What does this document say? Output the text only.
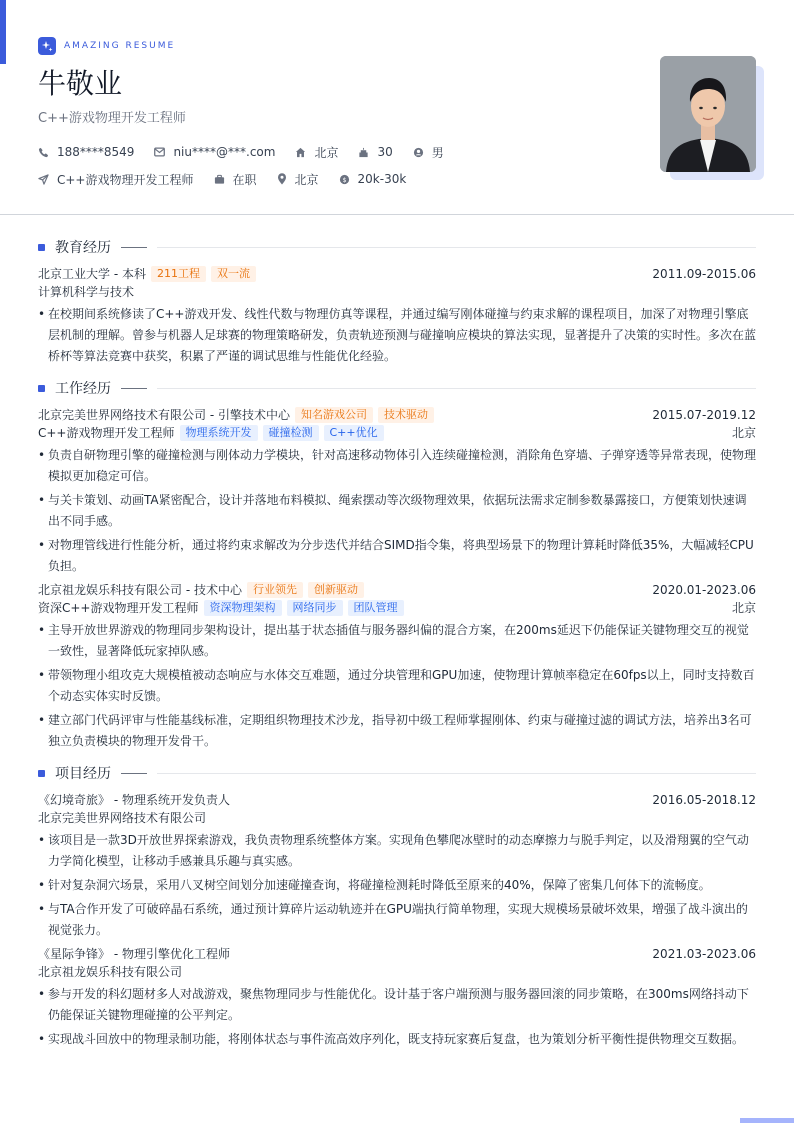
AMAZING RESUME
牛敬业
C++游戏物理开发工程师
188****8549	niu****@***.com	北京	30	男
C++游戏物理开发工程师	在职	北京	$ 20k-30k
教育经历
北京工业大学 - 本科	211工程	双一流	2011.09-2015.06
计算机科学与技术
• 在校期间系统修读了C++游戏开发、线性代数与物理仿真等课程，并通过编写刚体碰撞与约束求解的课程项目，加深了对物理引擎底层机制的理解。曾参与机器人足球赛的物理策略研发，负责轨迹预测与碰撞响应模块的算法实现，显著提升了决策的实时性。多次在蓝桥杯等算法竞赛中获奖，积累了严谨的调试思维与性能优化经验。
工作经历
北京完美世界网络技术有限公司 - 引擎技术中心	知名游戏公司	技术驱动	2015.07-2019.12
C++游戏物理开发工程师	物理系统开发	碰撞检测	C++优化	北京
• 负责自研物理引擎的碰撞检测与刚体动力学模块，针对高速移动物体引入连续碰撞检测，消除角色穿墙、子弹穿透等异常表现，使物理模拟更加稳定可信。
• 与关卡策划、动画TA紧密配合，设计并落地布料模拟、绳索摆动等次级物理效果，依据玩法需求定制参数暴露接口，方便策划快速调出不同手感。
• 对物理管线进行性能分析，通过将约束求解改为分步迭代并结合SIMD指令集，将典型场景下的物理计算耗时降低35%，大幅减轻CPU负担。
北京祖龙娱乐科技有限公司 - 技术中心	行业领先	创新驱动	2020.01-2023.06
资深C++游戏物理开发工程师	资深物理架构	网络同步	团队管理	北京
• 主导开放世界游戏的物理同步架构设计，提出基于状态插值与服务器纠偏的混合方案，在200ms延迟下仍能保证关键物理交互的视觉一致性，显著降低玩家掉队感。
• 带领物理小组攻克大规模植被动态响应与水体交互难题，通过分块管理和GPU加速，使物理计算帧率稳定在60fps以上，同时支持数百个动态实体实时反馈。
• 建立部门代码评审与性能基线标准，定期组织物理技术沙龙，指导初中级工程师掌握刚体、约束与碰撞过滤的调试方法，培养出3名可独立负责模块的物理开发骨干。
项目经历
《幻境奇旅》 - 物理系统开发负责人	2016.05-2018.12
北京完美世界网络技术有限公司
• 该项目是一款3D开放世界探索游戏，我负责物理系统整体方案。实现角色攀爬冰壁时的动态摩擦力与脱手判定，以及滑翔翼的空气动力学简化模型，让移动手感兼具乐趣与真实感。
• 针对复杂洞穴场景，采用八叉树空间划分加速碰撞查询，将碰撞检测耗时降低至原来的40%，保障了密集几何体下的流畅度。
• 与TA合作开发了可破碎晶石系统，通过预计算碎片运动轨迹并在GPU端执行简单物理，实现大规模场景破坏效果，增强了战斗演出的视觉张力。
《星际争锋》 - 物理引擎优化工程师	2021.03-2023.06
北京祖龙娱乐科技有限公司
• 参与开发的科幻题材多人对战游戏，聚焦物理同步与性能优化。设计基于客户端预测与服务器回滚的同步策略，在300ms网络抖动下仍能保证关键物理碰撞的公平判定。
• 实现战斗回放中的物理录制功能，将刚体状态与事件流高效序列化，既支持玩家赛后复盘，也为策划分析平衡性提供物理交互数据。
